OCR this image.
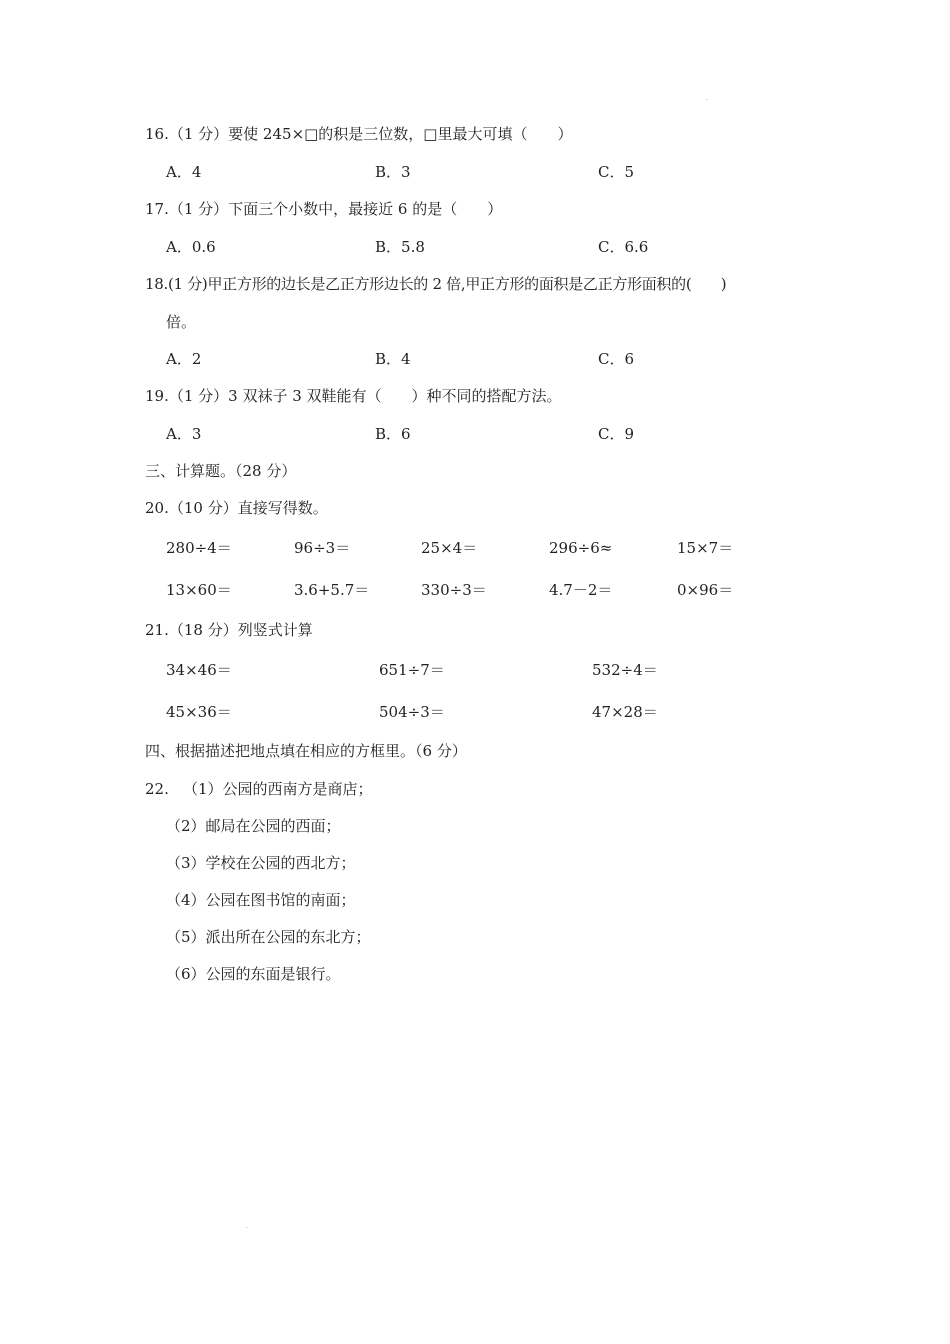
16.（1 分）要使 245×□的积是三位数，□里最大可填（　　）
A．4	B．3	C．5
17.（1 分）下面三个小数中，最接近 6 的是（　　）
A．0.6	B．5.8	C．6.6
18.(1 分)甲正方形的边长是乙正方形边长的 2 倍,甲正方形的面积是乙正方形面积的(　　)
倍。
A．2	B．4	C．6
19.（1 分）3 双袜子 3 双鞋能有（　　）种不同的搭配方法。
A．3	B．6	C．9
三、计算题。（28 分）
20.（10 分）直接写得数。
280÷4＝	96÷3＝	25×4＝	296÷6≈	15×7＝
13×60＝	3.6+5.7＝	330÷3＝	4.7－2＝	0×96＝
21.（18 分）列竖式计算
34×46＝	651÷7＝	532÷4＝
45×36＝	504÷3＝	47×28＝
四、根据描述把地点填在相应的方框里。（6 分）
22. （1）公园的西南方是商店；
（2）邮局在公园的西面；
（3）学校在公园的西北方；
（4）公园在图书馆的南面；
（5）派出所在公园的东北方；
（6）公园的东面是银行。
